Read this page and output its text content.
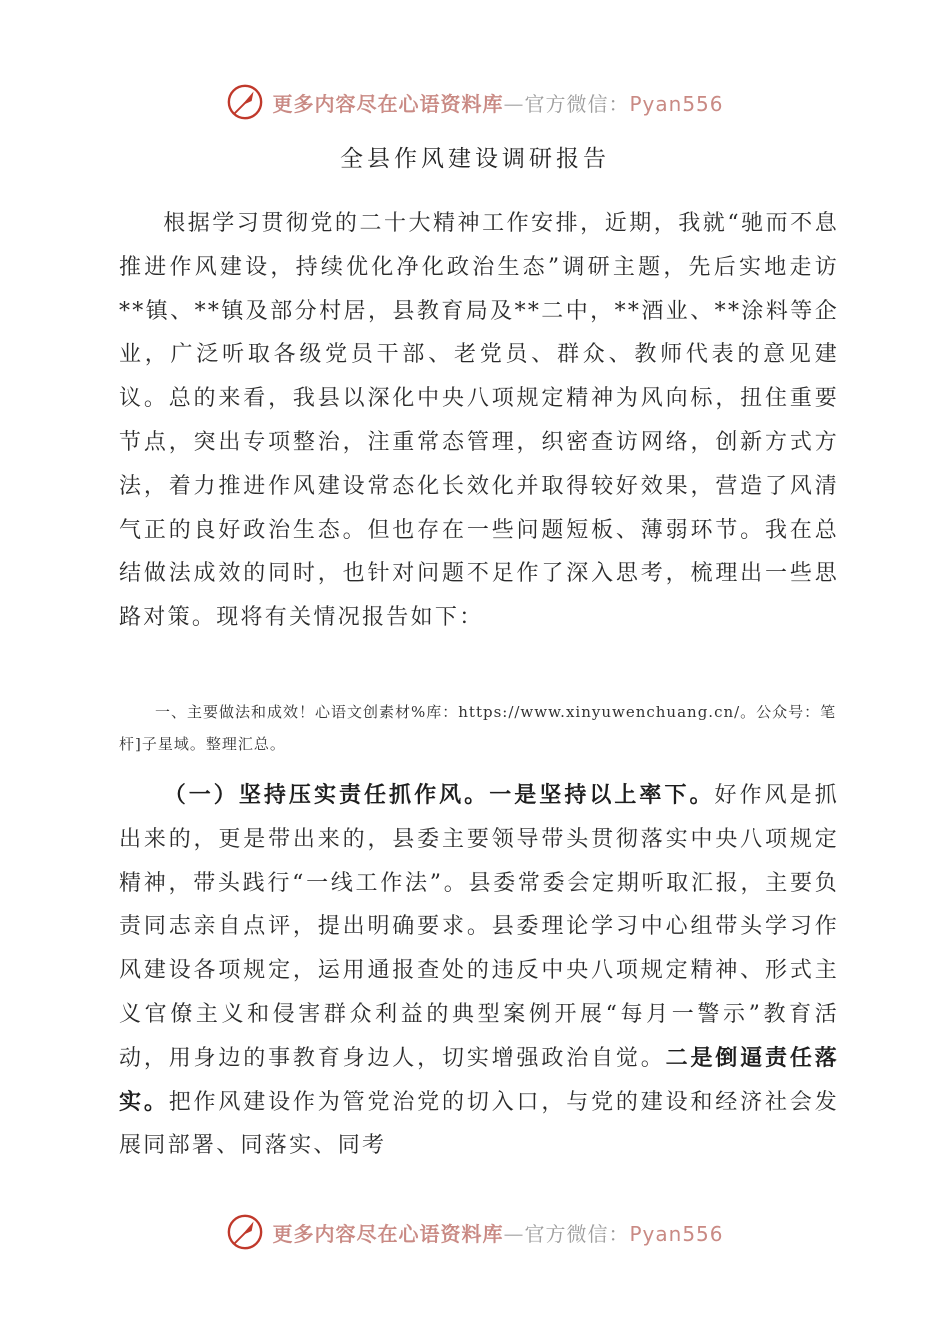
更多内容尽在心语资料库—官方微信：Pyan556
全县作风建设调研报告

根据学习贯彻党的二十大精神工作安排，近期，我就“驰而不息推进作风建设，持续优化净化政治生态”调研主题，先后实地走访**镇、**镇及部分村居，县教育局及**二中，**酒业、**涂料等企业，广泛听取各级党员干部、老党员、群众、教师代表的意见建议。总的来看，我县以深化中央八项规定精神为风向标，扭住重要节点，突出专项整治，注重常态管理，织密查访网络，创新方式方法，着力推进作风建设常态化长效化并取得较好效果，营造了风清气正的良好政治生态。但也存在一些问题短板、薄弱环节。我在总结做法成效的同时，也针对问题不足作了深入思考，梳理出一些思路对策。现将有关情况报告如下：

一、主要做法和成效！心语文创素材%库：https://www.xinyuwenchuang.cn/。公众号：笔杆]子星域。整理汇总。

（一）坚持压实责任抓作风。一是坚持以上率下。好作风是抓出来的，更是带出来的，县委主要领导带头贯彻落实中央八项规定精神，带头践行“一线工作法”。县委常委会定期听取汇报，主要负责同志亲自点评，提出明确要求。县委理论学习中心组带头学习作风建设各项规定，运用通报查处的违反中央八项规定精神、形式主义官僚主义和侵害群众利益的典型案例开展“每月一警示”教育活动，用身边的事教育身边人，切实增强政治自觉。二是倒逼责任落实。把作风建设作为管党治党的切入口，与党的建设和经济社会发展同部署、同落实、同考

更多内容尽在心语资料库—官方微信：Pyan556
